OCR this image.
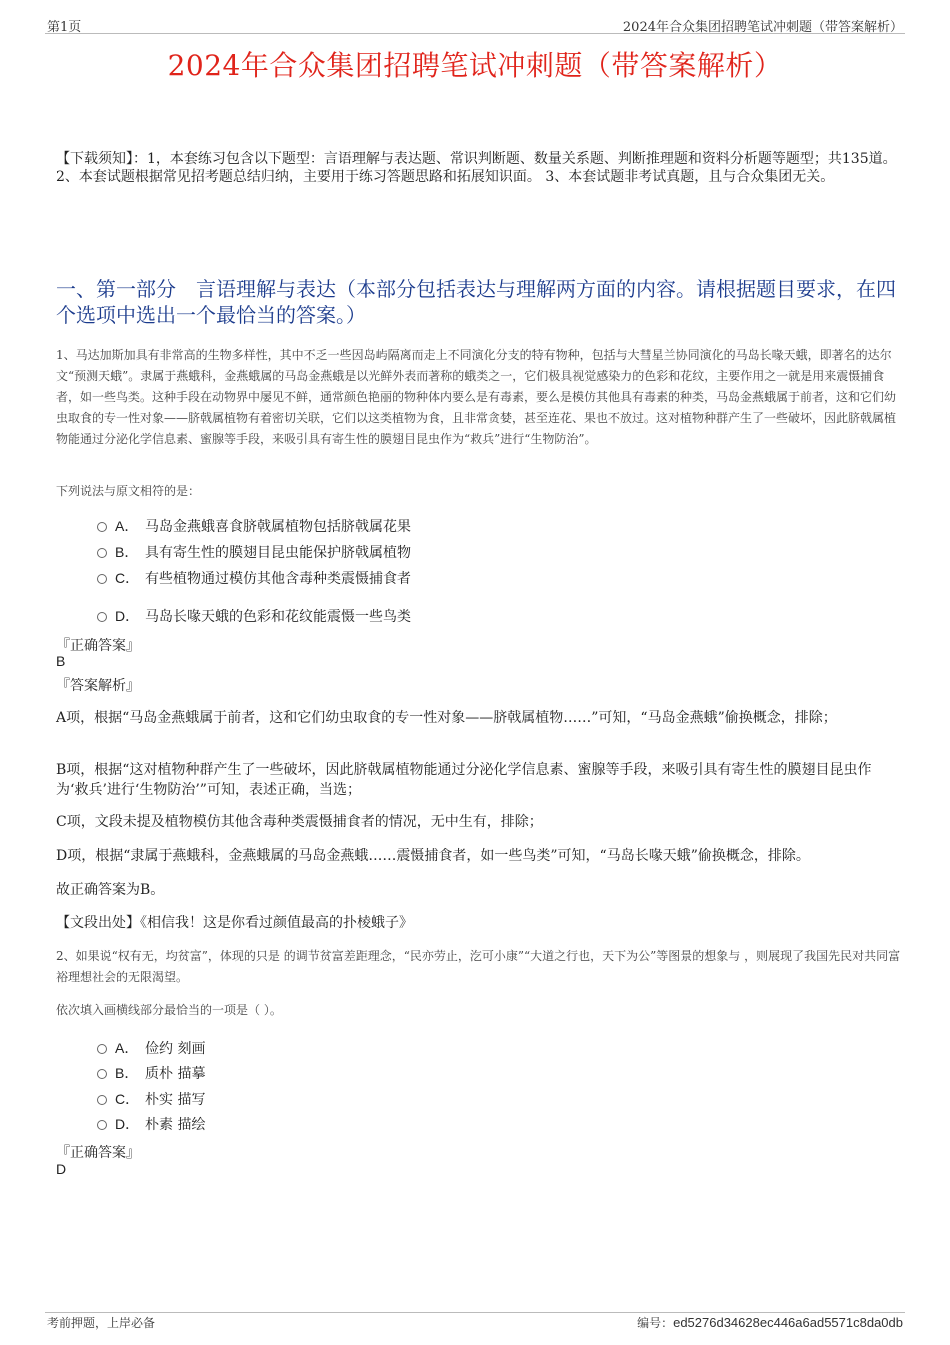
第1页	2024年合众集团招聘笔试冲刺题（带答案解析）
2024年合众集团招聘笔试冲刺题（带答案解析）
【下载须知】：1，本套练习包含以下题型：言语理解与表达题、常识判断题、数量关系题、判断推理题和资料分析题等题型；共135道。 2、本套试题根据常见招考题总结归纳，主要用于练习答题思路和拓展知识面。 3、本套试题非考试真题，且与合众集团无关。
一、第一部分　言语理解与表达（本部分包括表达与理解两方面的内容。请根据题目要求，在四个选项中选出一个最恰当的答案。）
1、马达加斯加具有非常高的生物多样性，其中不乏一些因岛屿隔离而走上不同演化分支的特有物种，包括与大彗星兰协同演化的马岛长喙天蛾，即著名的达尔文“预测天蛾”。隶属于燕蛾科，金燕蛾属的马岛金燕蛾是以光鲜外表而著称的蛾类之一，它们极具视觉感染力的色彩和花纹，主要作用之一就是用来震慑捕食者，如一些鸟类。这种手段在动物界中屡见不鲜，通常颜色艳丽的物种体内要么是有毒素，要么是模仿其他具有毒素的种类，马岛金燕蛾属于前者，这和它们幼虫取食的专一性对象——脐戟属植物有着密切关联，它们以这类植物为食，且非常贪婪，甚至连花、果也不放过。这对植物种群产生了一些破坏，因此脐戟属植物能通过分泌化学信息素、蜜腺等手段，来吸引具有寄生性的膜翅目昆虫作为“救兵”进行“生物防治”。
下列说法与原文相符的是：
A． 马岛金燕蛾喜食脐戟属植物包括脐戟属花果
B． 具有寄生性的膜翅目昆虫能保护脐戟属植物
C． 有些植物通过模仿其他含毒种类震慑捕食者
D． 马岛长喙天蛾的色彩和花纹能震慑一些鸟类
『正确答案』
B
『答案解析』
A项，根据“马岛金燕蛾属于前者，这和它们幼虫取食的专一性对象——脐戟属植物……”可知，“马岛金燕蛾”偷换概念，排除；
B项，根据“这对植物种群产生了一些破坏，因此脐戟属植物能通过分泌化学信息素、蜜腺等手段，来吸引具有寄生性的膜翅目昆虫作为‘救兵’进行‘生物防治’”可知，表述正确，当选；
C项，文段未提及植物模仿其他含毒种类震慑捕食者的情况，无中生有，排除；
D项，根据“隶属于燕蛾科，金燕蛾属的马岛金燕蛾……震慑捕食者，如一些鸟类”可知，“马岛长喙天蛾”偷换概念，排除。
故正确答案为B。
【文段出处】《相信我！这是你看过颜值最高的扑棱蛾子》
2、如果说“权有无，均贫富”，体现的只是 的调节贫富差距理念，“民亦劳止，汔可小康”“大道之行也，天下为公”等图景的想象与 ，则展现了我国先民对共同富裕理想社会的无限渴望。
依次填入画横线部分最恰当的一项是（ ）。
A． 俭约 刻画
B． 质朴 描摹
C． 朴实 描写
D． 朴素 描绘
『正确答案』
D
考前押题，上岸必备	编号：ed5276d34628ec446a6ad5571c8da0db
